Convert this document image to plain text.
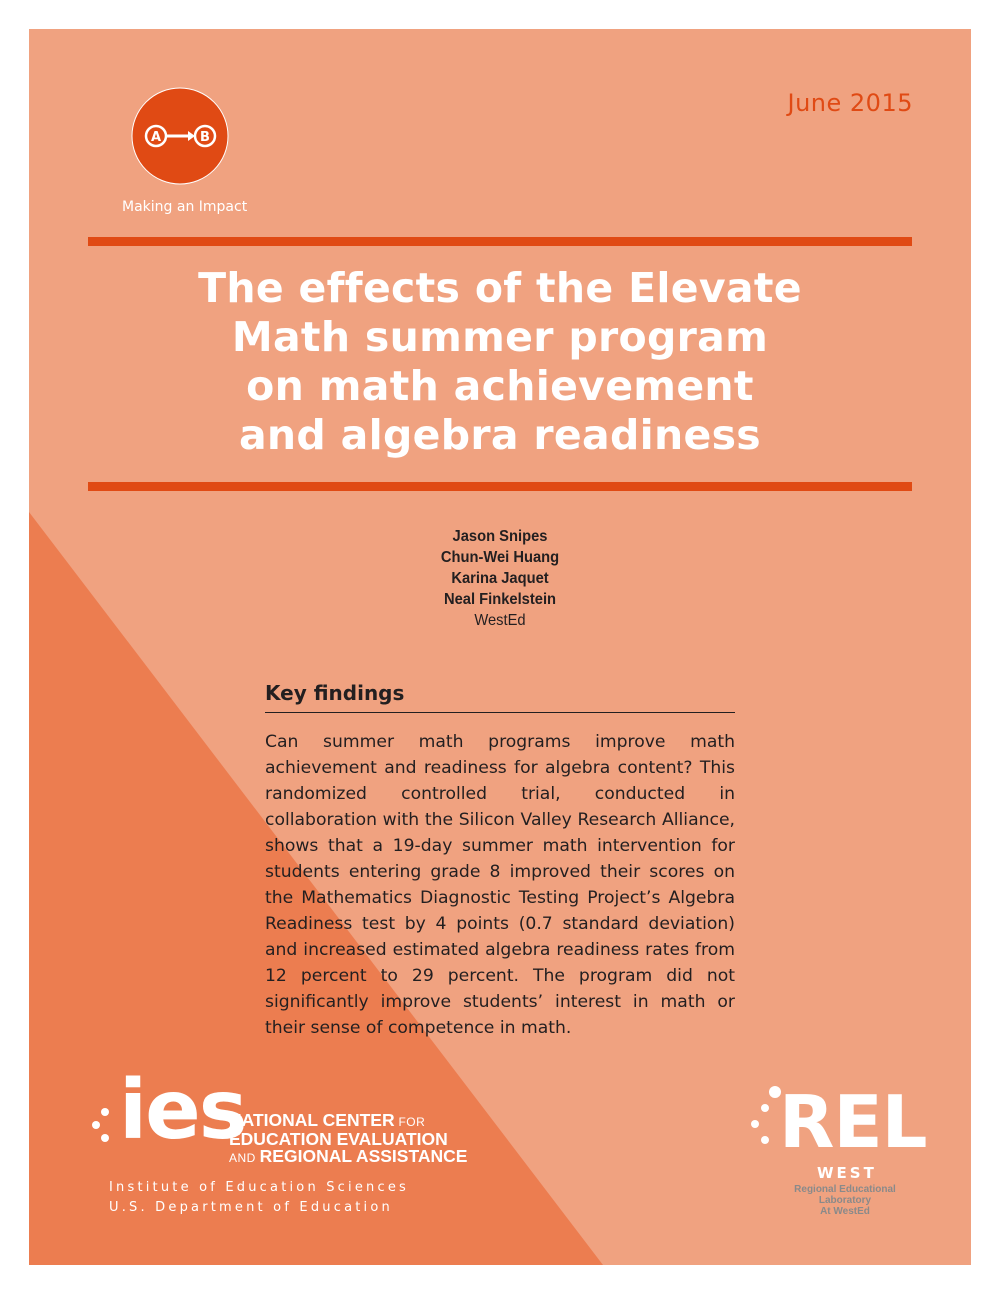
June 2015
A	B
Making an Impact
The effects of the Elevate
Math summer program
on math achievement
and algebra readiness
Jason Snipes
Chun-Wei Huang
Karina Jaquet
Neal Finkelstein
WestEd
Key findings
Can summer math programs improve math achievement and readiness for algebra content? This randomized controlled trial, conducted in collaboration with the Silicon Valley Research Alliance, shows that a 19-day summer math intervention for students entering grade 8 improved their scores on the Mathematics Diagnostic Testing Project’s Algebra Readiness test by 4 points (0.7 standard deviation) and increased estimated algebra readiness rates from 12 percent to 29 percent. The program did not significantly improve students’ interest in math or their sense of competence in math.
ies
NATIONAL CENTER FOR
EDUCATION EVALUATION
AND REGIONAL ASSISTANCE
Institute of Education Sciences
U.S. Department of Education
REL
WEST
Regional Educational Laboratory
At WestEd
